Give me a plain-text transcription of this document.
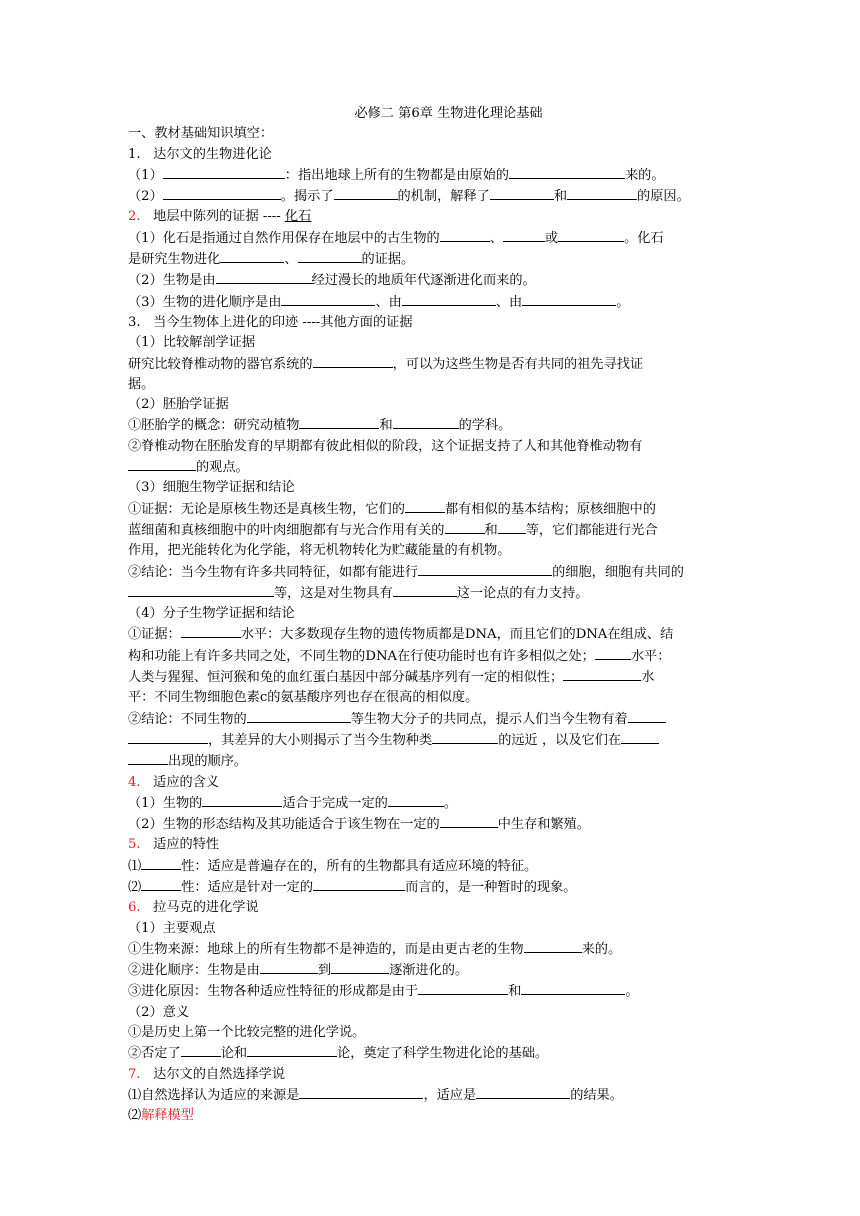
必修二 第6章 生物进化理论基础
一、教材基础知识填空：
1. 达尔文的生物进化论
（1）	：指出地球上所有的生物都是由原始的	来的。
（2）	。揭示了	的机制，解释了	和	的原因。
2. 地层中陈列的证据 ---- 化石
（1）化石是指通过自然作用保存在地层中的古生物的	、	或	。化石
是研究生物进化	、	的证据。
（2）生物是由	经过漫长的地质年代逐渐进化而来的。
（3）生物的进化顺序是由	、由	、由	。
3. 当今生物体上进化的印迹 ----其他方面的证据
（1）比较解剖学证据
研究比较脊椎动物的器官系统的	，可以为这些生物是否有共同的祖先寻找证
据。
（2）胚胎学证据
①胚胎学的概念：研究动植物	和	的学科。
②脊椎动物在胚胎发育的早期都有彼此相似的阶段，这个证据支持了人和其他脊椎动物有
的观点。
（3）细胞生物学证据和结论
①证据：无论是原核生物还是真核生物，它们的	都有相似的基本结构；原核细胞中的
蓝细菌和真核细胞中的叶肉细胞都有与光合作用有关的	和 等，它们都能进行光合
作用，把光能转化为化学能，将无机物转化为贮藏能量的有机物。
②结论：当今生物有许多共同特征，如都有能进行	的细胞，细胞有共同的
等，这是对生物具有	这一论点的有力支持。
（4）分子生物学证据和结论
①证据：	水平：大多数现存生物的遗传物质都是DNA，而且它们的DNA在组成、结
构和功能上有许多共同之处，不同生物的DNA在行使功能时也有许多相似之处；	水平：
人类与猩猩、恒河猴和兔的血红蛋白基因中部分碱基序列有一定的相似性；	水
平：不同生物细胞色素c的氨基酸序列也存在很高的相似度。
②结论：不同生物的	等生物大分子的共同点，提示人们当今生物有着
，其差异的大小则揭示了当今生物种类	的远近 ，以及它们在
出现的顺序。
4. 适应的含义
（1）生物的	适合于完成一定的	。
（2）生物的形态结构及其功能适合于该生物在一定的	中生存和繁殖。
5. 适应的特性
⑴	性：适应是普遍存在的，所有的生物都具有适应环境的特征。
⑵	性：适应是针对一定的	而言的，是一种暂时的现象。
6. 拉马克的进化学说
（1）主要观点
①生物来源：地球上的所有生物都不是神造的，而是由更古老的生物	来的。
②进化顺序：生物是由	到	逐渐进化的。
③进化原因：生物各种适应性特征的形成都是由于	和	。
（2）意义
①是历史上第一个比较完整的进化学说。
②否定了	论和	论，奠定了科学生物进化论的基础。
7. 达尔文的自然选择学说
⑴自然选择认为适应的来源是	，适应是	的结果。
⑵解释模型
